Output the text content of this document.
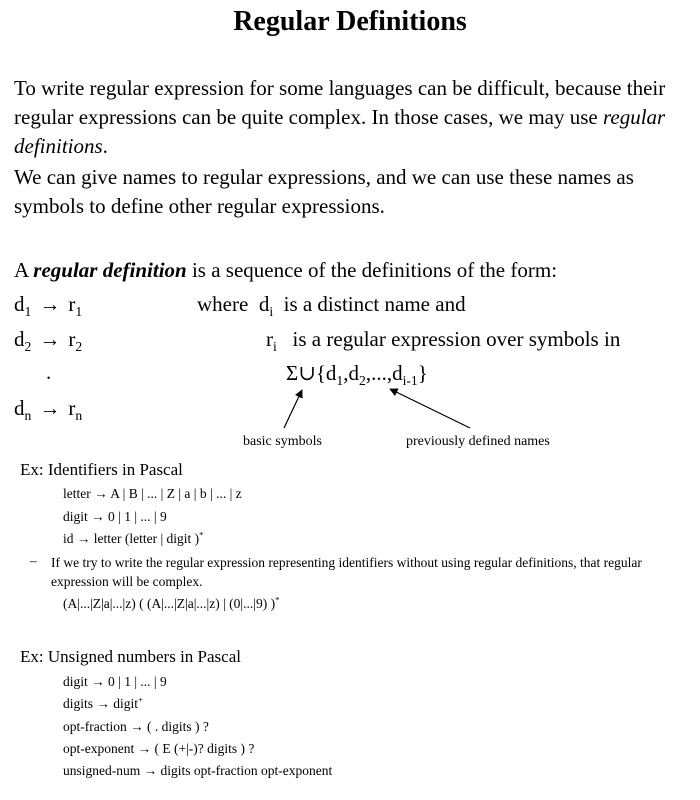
Regular Definitions
To write regular expression for some languages can be difficult, because their regular expressions can be quite complex. In those cases, we may use regular definitions.
We can give names to regular expressions, and we can use these names as symbols to define other regular expressions.
A regular definition is a sequence of the definitions of the form:
$d_1 \to r_1$
$d_2 \to r_2$
.
$d_n \to r_n$
where $d_i$ is a distinct name and
$r_i$ is a regular expression over symbols in
$\Sigma\cup\{d_1,d_2,...,d_{i-1}\}$
basic symbols	previously defined names
Ex: Identifiers in Pascal
letter → A | B | ... | Z | a | b | ... | z
digit → 0 | 1 | ... | 9
id → letter (letter | digit )*
– If we try to write the regular expression representing identifiers without using regular definitions, that regular expression will be complex.
(A|...|Z|a|...|z) ( (A|...|Z|a|...|z) | (0|...|9) )*
Ex: Unsigned numbers in Pascal
digit → 0 | 1 | ... | 9
digits → digit+
opt-fraction → ( . digits ) ?
opt-exponent → ( E (+|-)? digits ) ?
unsigned-num → digits opt-fraction opt-exponent
